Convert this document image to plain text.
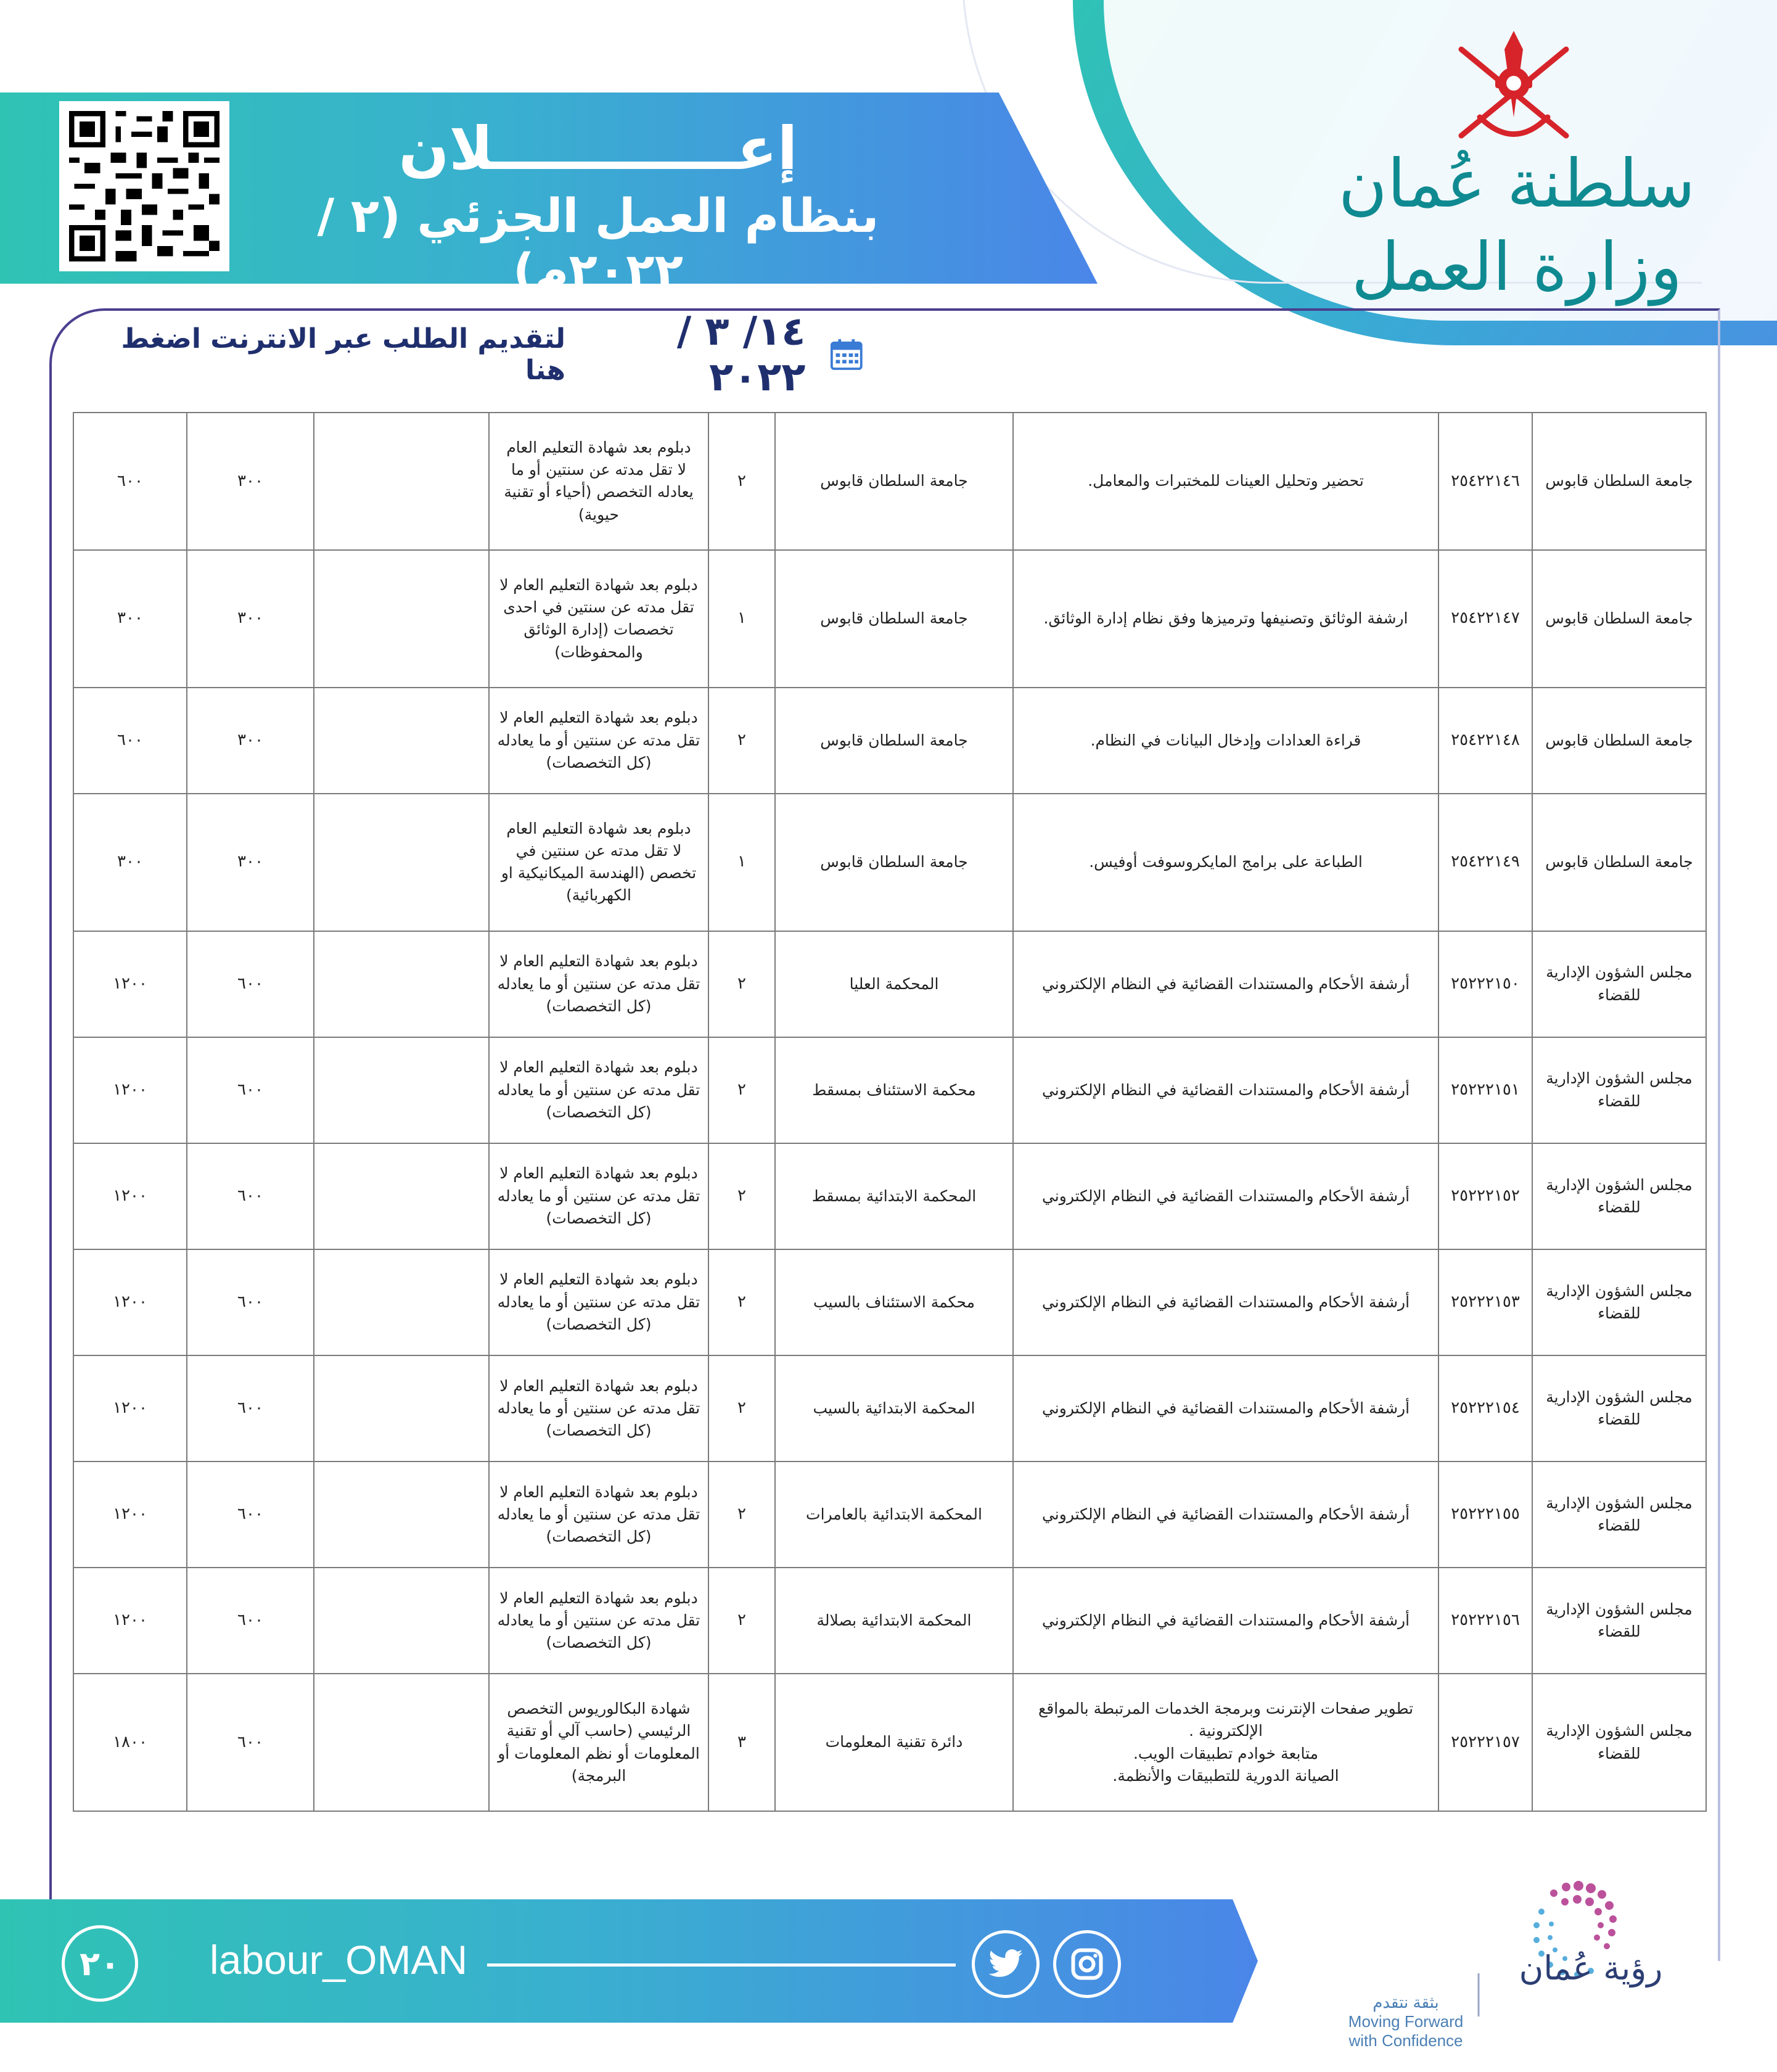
إعــــــــــــلان
بنظام العمل الجزئي (٢ / ٢٠٢٢م)
سلطنة عُمان
وزارة العمل
١٤/ ٣ /٢٠٢٢
لتقديم الطلب عبر الانترنت اضغط هنا
جامعة السلطان قابوس	٢٥٤٢٢١٤٦	تحضير وتحليل العينات للمختبرات والمعامل.	جامعة السلطان قابوس	٢	دبلوم بعد شهادة التعليم العام
لا تقل مدته عن سنتين أو ما
يعادله التخصص (أحياء أو تقنية
حيوية)		٣٠٠	٦٠٠
جامعة السلطان قابوس	٢٥٤٢٢١٤٧	ارشفة الوثائق وتصنيفها وترميزها وفق نظام إدارة الوثائق.	جامعة السلطان قابوس	١	دبلوم بعد شهادة التعليم العام لا
تقل مدته عن سنتين في احدى
تخصصات (إدارة الوثائق
والمحفوظات)		٣٠٠	٣٠٠
جامعة السلطان قابوس	٢٥٤٢٢١٤٨	قراءة العدادات وإدخال البيانات في النظام.	جامعة السلطان قابوس	٢	دبلوم بعد شهادة التعليم العام لا
تقل مدته عن سنتين أو ما يعادله
(كل التخصصات)		٣٠٠	٦٠٠
جامعة السلطان قابوس	٢٥٤٢٢١٤٩	الطباعة على برامج المايكروسوفت أوفيس.	جامعة السلطان قابوس	١	دبلوم بعد شهادة التعليم العام
لا تقل مدته عن سنتين في
تخصص (الهندسة الميكانيكية او
الكهربائية)		٣٠٠	٣٠٠
مجلس الشؤون الإدارية
للقضاء	٢٥٢٢٢١٥٠	أرشفة الأحكام والمستندات القضائية في النظام الإلكتروني	المحكمة العليا	٢	دبلوم بعد شهادة التعليم العام لا
تقل مدته عن سنتين أو ما يعادله
(كل التخصصات)		٦٠٠	١٢٠٠
مجلس الشؤون الإدارية
للقضاء	٢٥٢٢٢١٥١	أرشفة الأحكام والمستندات القضائية في النظام الإلكتروني	محكمة الاستئناف بمسقط	٢	دبلوم بعد شهادة التعليم العام لا
تقل مدته عن سنتين أو ما يعادله
(كل التخصصات)		٦٠٠	١٢٠٠
مجلس الشؤون الإدارية
للقضاء	٢٥٢٢٢١٥٢	أرشفة الأحكام والمستندات القضائية في النظام الإلكتروني	المحكمة الابتدائية بمسقط	٢	دبلوم بعد شهادة التعليم العام لا
تقل مدته عن سنتين أو ما يعادله
(كل التخصصات)		٦٠٠	١٢٠٠
مجلس الشؤون الإدارية
للقضاء	٢٥٢٢٢١٥٣	أرشفة الأحكام والمستندات القضائية في النظام الإلكتروني	محكمة الاستئناف بالسيب	٢	دبلوم بعد شهادة التعليم العام لا
تقل مدته عن سنتين أو ما يعادله
(كل التخصصات)		٦٠٠	١٢٠٠
مجلس الشؤون الإدارية
للقضاء	٢٥٢٢٢١٥٤	أرشفة الأحكام والمستندات القضائية في النظام الإلكتروني	المحكمة الابتدائية بالسيب	٢	دبلوم بعد شهادة التعليم العام لا
تقل مدته عن سنتين أو ما يعادله
(كل التخصصات)		٦٠٠	١٢٠٠
مجلس الشؤون الإدارية
للقضاء	٢٥٢٢٢١٥٥	أرشفة الأحكام والمستندات القضائية في النظام الإلكتروني	المحكمة الابتدائية بالعامرات	٢	دبلوم بعد شهادة التعليم العام لا
تقل مدته عن سنتين أو ما يعادله
(كل التخصصات)		٦٠٠	١٢٠٠
مجلس الشؤون الإدارية
للقضاء	٢٥٢٢٢١٥٦	أرشفة الأحكام والمستندات القضائية في النظام الإلكتروني	المحكمة الابتدائية بصلالة	٢	دبلوم بعد شهادة التعليم العام لا
تقل مدته عن سنتين أو ما يعادله
(كل التخصصات)		٦٠٠	١٢٠٠
مجلس الشؤون الإدارية
للقضاء	٢٥٢٢٢١٥٧	تطوير صفحات الإنترنت وبرمجة الخدمات المرتبطة بالمواقع
الإلكترونية .
متابعة خوادم تطبيقات الويب.
الصيانة الدورية للتطبيقات والأنظمة.	دائرة تقنية المعلومات	٣	شهادة البكالوريوس التخصص
الرئيسي (حاسب آلي أو تقنية
المعلومات أو نظم المعلومات أو
البرمجة)		٦٠٠	١٨٠٠
٢٠	labour_OMAN
بثقة نتقدم
Moving Forward
with Confidence
رؤية عُمان
